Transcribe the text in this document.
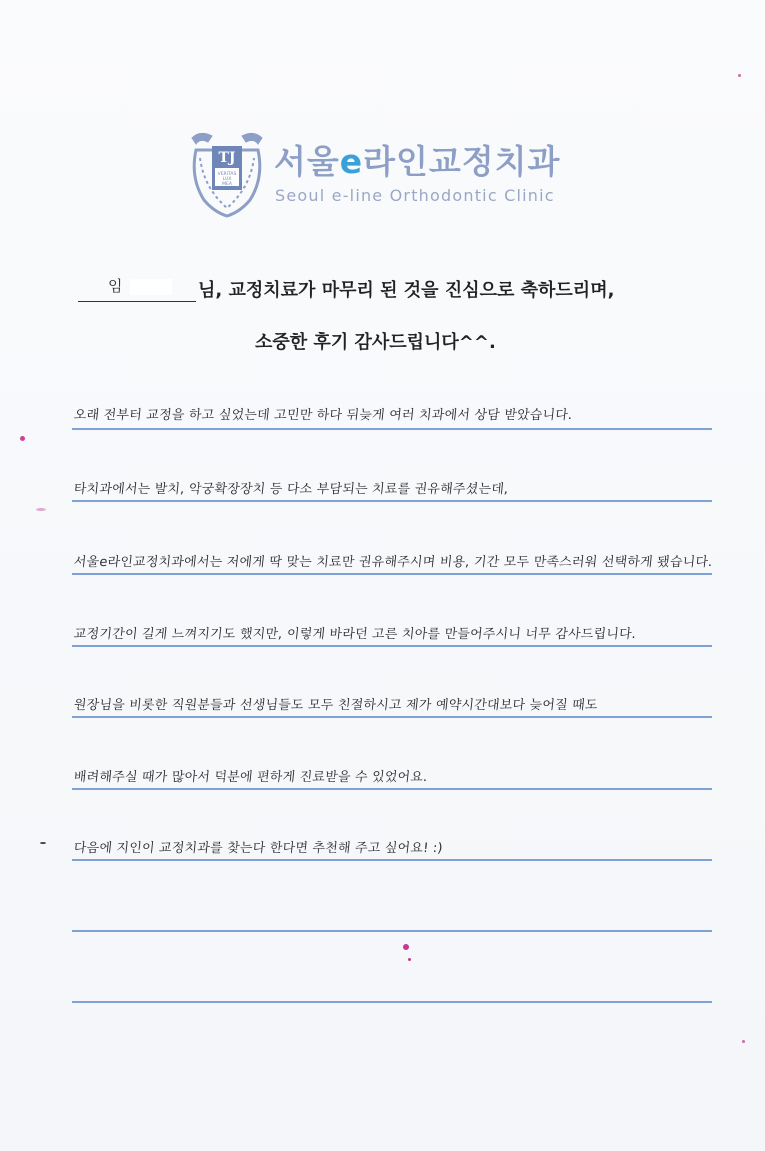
TJ
VERITAS
LUX
MEA
서울e라인교정치과
Seoul e-line Orthodontic Clinic
임	님, 교정치료가 마무리 된 것을 진심으로 축하드리며,
소중한 후기 감사드립니다^^.
오래 전부터 교정을 하고 싶었는데 고민만 하다 뒤늦게 여러 치과에서 상담 받았습니다.
타치과에서는 발치, 악궁확장장치 등 다소 부담되는 치료를 권유해주셨는데,
서울e라인교정치과에서는 저에게 딱 맞는 치료만 권유해주시며 비용, 기간 모두 만족스러워 선택하게 됐습니다.
교정기간이 길게 느껴지기도 했지만, 이렇게 바라던 고른 치아를 만들어주시니 너무 감사드립니다.
원장님을 비롯한 직원분들과 선생님들도 모두 친절하시고 제가 예약시간대보다 늦어질 때도
배려해주실 때가 많아서 덕분에 편하게 진료받을 수 있었어요.
다음에 지인이 교정치과를 찾는다 한다면 추천해 주고 싶어요! :)
